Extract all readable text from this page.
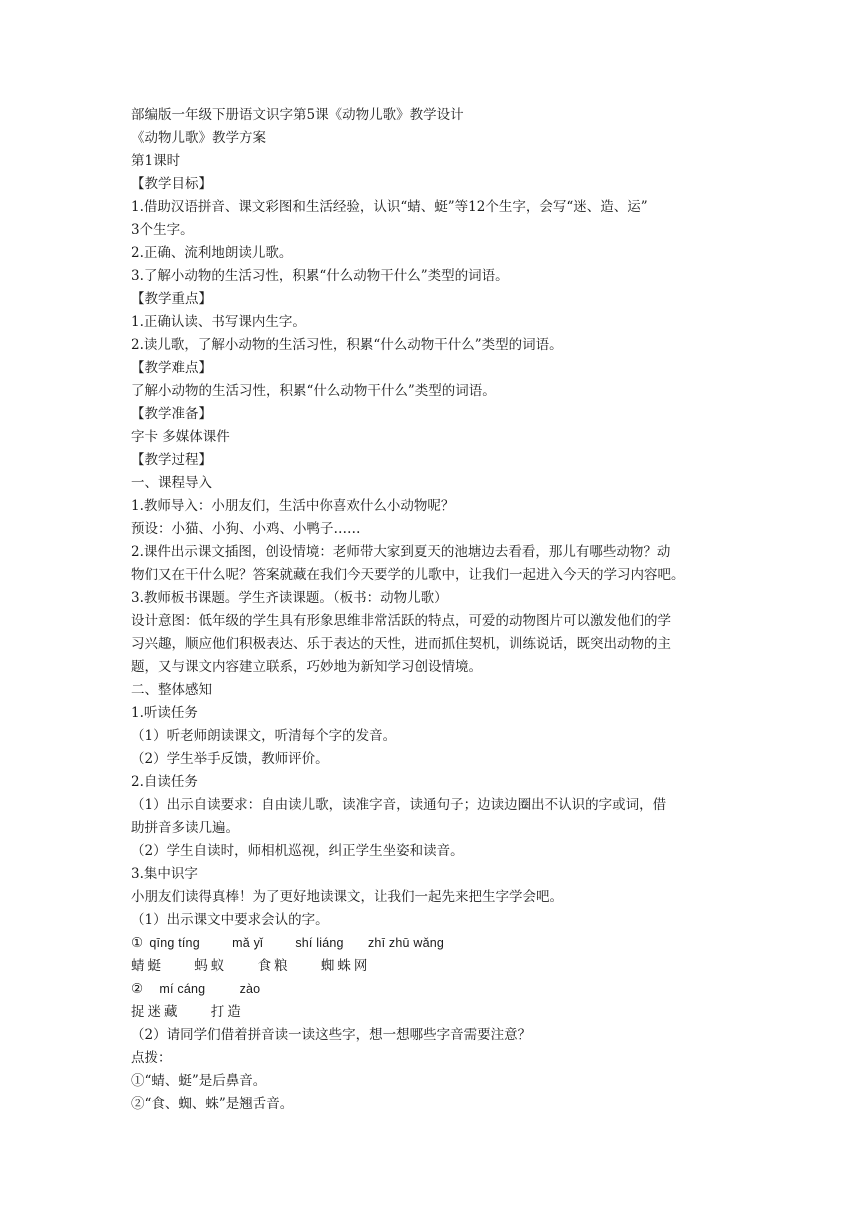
部编版一年级下册语文识字第5课《动物儿歌》教学设计
《动物儿歌》教学方案
第1课时
【教学目标】
1.借助汉语拼音、课文彩图和生活经验，认识“蜻、蜓”等12个生字，会写“迷、造、运”
3个生字。
2.正确、流利地朗读儿歌。
3.了解小动物的生活习性，积累“什么动物干什么”类型的词语。
【教学重点】
1.正确认读、书写课内生字。
2.读儿歌，了解小动物的生活习性，积累“什么动物干什么”类型的词语。
【教学难点】
了解小动物的生活习性，积累“什么动物干什么”类型的词语。
【教学准备】
字卡 多媒体课件
【教学过程】
一、课程导入
1.教师导入：小朋友们，生活中你喜欢什么小动物呢？
预设：小猫、小狗、小鸡、小鸭子……
2.课件出示课文插图，创设情境：老师带大家到夏天的池塘边去看看，那儿有哪些动物？动
物们又在干什么呢？答案就藏在我们今天要学的儿歌中，让我们一起进入今天的学习内容吧。
3.教师板书课题。学生齐读课题。（板书：动物儿歌）
设计意图：低年级的学生具有形象思维非常活跃的特点，可爱的动物图片可以激发他们的学
习兴趣，顺应他们积极表达、乐于表达的天性，进而抓住契机，训练说话，既突出动物的主
题，又与课文内容建立联系，巧妙地为新知学习创设情境。
二、整体感知
1.听读任务
（1）听老师朗读课文，听清每个字的发音。
（2）学生举手反馈，教师评价。
2.自读任务
（1）出示自读要求：自由读儿歌，读准字音，读通句子；边读边圈出不认识的字或词，借
助拼音多读几遍。
（2）学生自读时，师相机巡视，纠正学生坐姿和读音。
3.集中识字
小朋友们读得真棒！为了更好地读课文，让我们一起先来把生字学会吧。
（1）出示课文中要求会认的字。
① qīnɡ tínɡ	mǎ yǐ	shí liánɡ zhī zhū wǎnɡ
蜻蜓 蚂蚁 食粮 蜘蛛网
② mí cánɡ	zào
捉迷藏 打造
（2）请同学们借着拼音读一读这些字，想一想哪些字音需要注意？
点拨：
①“蜻、蜓”是后鼻音。
②“食、蜘、蛛”是翘舌音。
